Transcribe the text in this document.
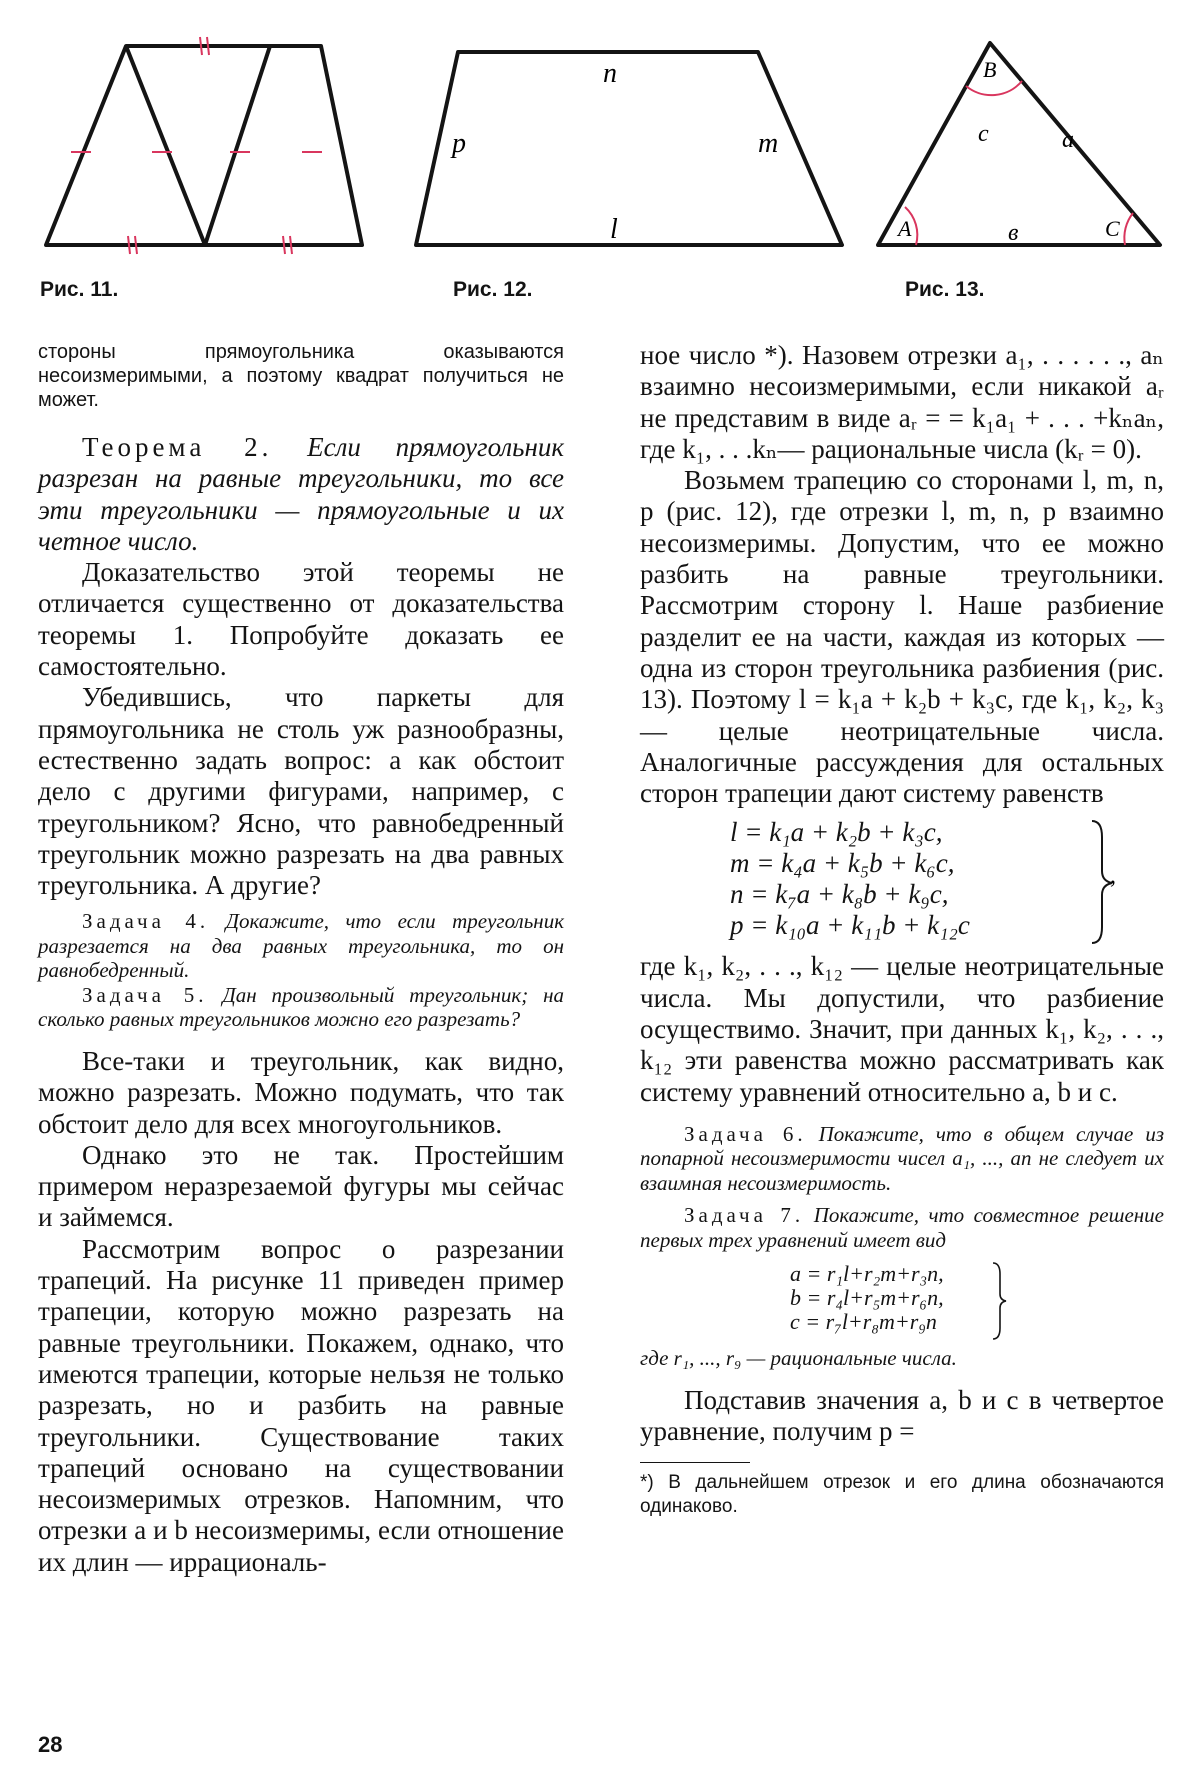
Рис. 11.
n
p	m
l
Рис. 12.
B
A	C
a
c
в
Рис. 13.

стороны прямоугольника оказываются несоизмеримыми, а поэтому квадрат получиться не может.

Теорема 2. Если прямоугольник разрезан на равные треугольники, то все эти треугольники — прямоугольные и их четное число.

Доказательство этой теоремы не отличается существенно от доказательства теоремы 1. Попробуйте доказать ее самостоятельно.

Убедившись, что паркеты для прямоугольника не столь уж разнообразны, естественно задать вопрос: а как обстоит дело с другими фигурами, например, с треугольником? Ясно, что равнобедренный треугольник можно разрезать на два равных треугольника. А другие?

Задача 4. Докажите, что если треугольник разрезается на два равных треугольника, то он равнобедренный.

Задача 5. Дан произвольный треугольник; на сколько равных треугольников можно его разрезать?

Все-таки и треугольник, как видно, можно разрезать. Можно подумать, что так обстоит дело для всех многоугольников.

Однако это не так. Простейшим примером неразрезаемой фугуры мы сейчас и займемся.

Рассмотрим вопрос о разрезании трапеций. На рисунке 11 приведен пример трапеции, которую можно разрезать на равные треугольники. Покажем, однако, что имеются трапеции, которые нельзя не только разрезать, но и разбить на равные треугольники. Существование таких трапеций основано на существовании несоизмеримых отрезков. Напомним, что отрезки a и b несоизмеримы, если отношение их длин — иррациональ-

ное число *). Назовем отрезки a₁, . . . . . ., aₙ взаимно несоизмеримыми, если никакой aᵣ не представим в виде aᵣ = = k₁a₁ + . . . +kₙaₙ, где k₁, . . .kₙ— рациональные числа (kᵣ = 0).

Возьмем трапецию со сторонами l, m, n, p (рис. 12), где отрезки l, m, n, p взаимно несоизмеримы. Допустим, что ее можно разбить на равные треугольники. Рассмотрим сторону l. Наше разбиение разделит ее на части, каждая из которых — одна из сторон треугольника разбиения (рис. 13). Поэтому l = k₁a + k₂b + k₃c, где k₁, k₂, k₃ — целые неотрицательные числа. Аналогичные рассуждения для остальных сторон трапеции дают систему равенств

l = k₁a + k₂b + k₃c,
m = k₄a + k₅b + k₆c,
n = k₇a + k₈b + k₉c,
p = k₁₀a + k₁₁b + k₁₂c
,

где k₁, k₂, . . ., k₁₂ — целые неотрицательные числа. Мы допустили, что разбиение осуществимо. Значит, при данных k₁, k₂, . . ., k₁₂ эти равенства можно рассматривать как систему уравнений относительно a, b и c.

Задача 6. Покажите, что в общем случае из попарной несоизмеримости чисел a₁, ..., an не следует их взаимная несоизмеримость.

Задача 7. Покажите, что совместное решение первых трех уравнений имеет вид

a = r₁l+r₂m+r₃n,
b = r₄l+r₅m+r₆n,
c = r₇l+r₈m+r₉n

где r₁, ..., r₉ — рациональные числа.

Подставив значения a, b и c в четвертое уравнение, получим p =

*) В дальнейшем отрезок и его длина обозначаются одинаково.

28
